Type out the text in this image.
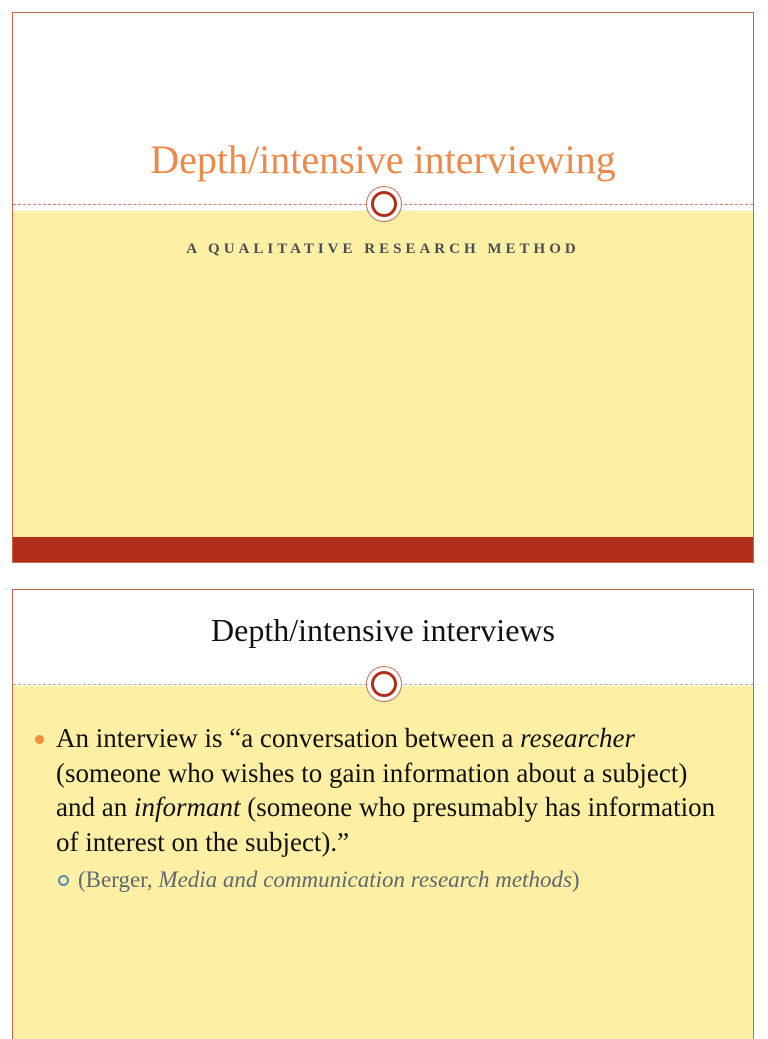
Depth/intensive interviewing
A QUALITATIVE RESEARCH METHOD
Depth/intensive interviews
An interview is “a conversation between a researcher (someone who wishes to gain information about a subject) and an informant (someone who presumably has information of interest on the subject).”
(Berger, Media and communication research methods)
